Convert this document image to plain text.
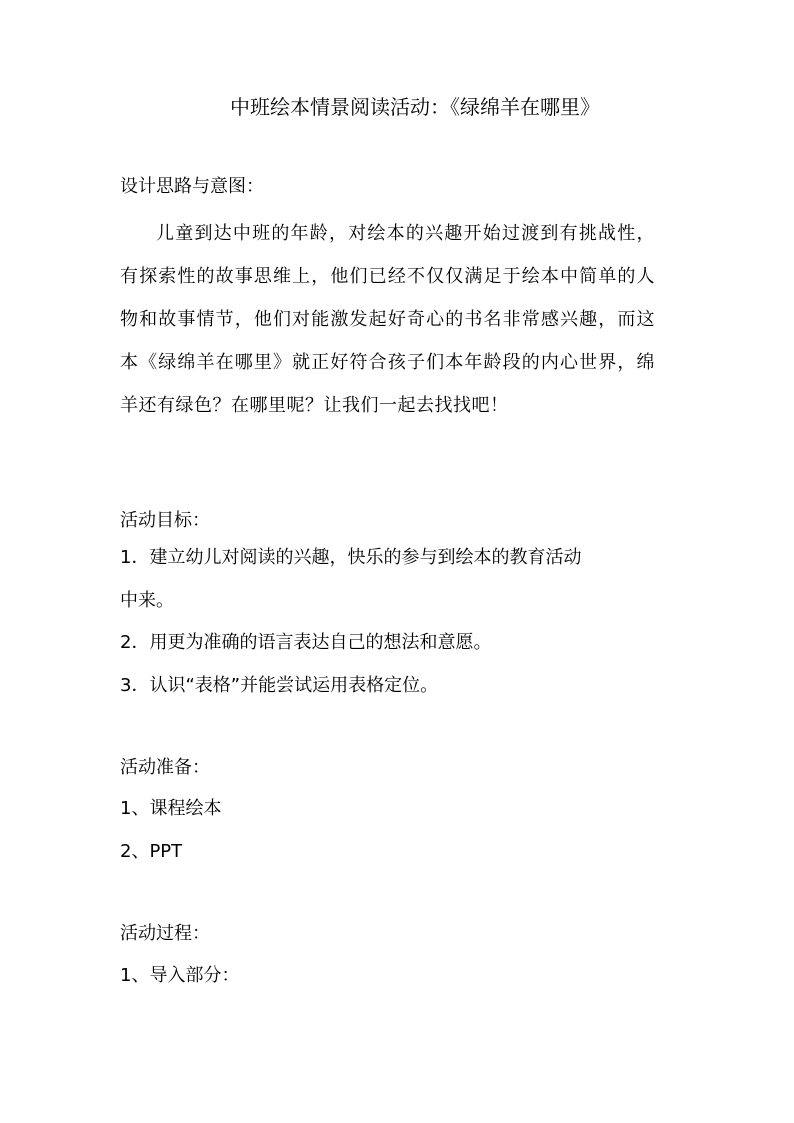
中班绘本情景阅读活动：《绿绵羊在哪里》
设计思路与意图：
儿童到达中班的年龄，对绘本的兴趣开始过渡到有挑战性，有探索性的故事思维上，他们已经不仅仅满足于绘本中简单的人物和故事情节，他们对能激发起好奇心的书名非常感兴趣，而这本《绿绵羊在哪里》就正好符合孩子们本年龄段的内心世界，绵羊还有绿色？在哪里呢？让我们一起去找找吧！
活动目标：
1．建立幼儿对阅读的兴趣，快乐的参与到绘本的教育活动
中来。
2．用更为准确的语言表达自己的想法和意愿。
3．认识“表格”并能尝试运用表格定位。
活动准备：
1、课程绘本
2、PPT
活动过程：
1、导入部分：
